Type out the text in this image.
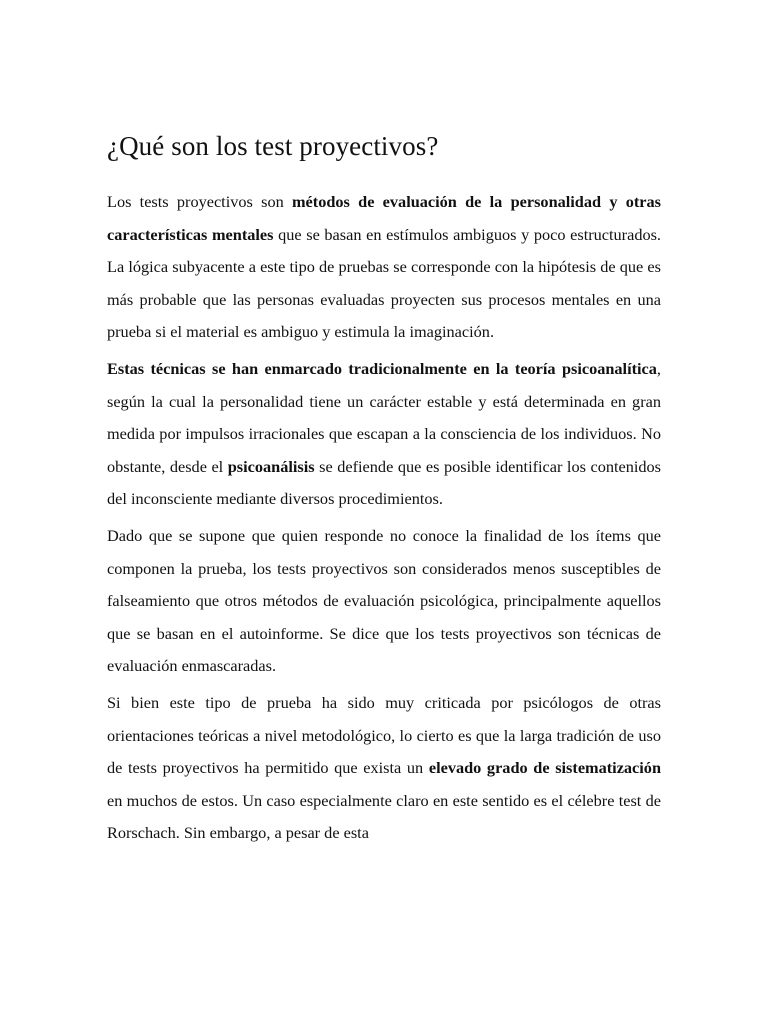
¿Qué son los test proyectivos?

Los tests proyectivos son métodos de evaluación de la personalidad y otras características mentales que se basan en estímulos ambiguos y poco estructurados. La lógica subyacente a este tipo de pruebas se corresponde con la hipótesis de que es más probable que las personas evaluadas proyecten sus procesos mentales en una prueba si el material es ambiguo y estimula la imaginación.

Estas técnicas se han enmarcado tradicionalmente en la teoría psicoanalítica, según la cual la personalidad tiene un carácter estable y está determinada en gran medida por impulsos irracionales que escapan a la consciencia de los individuos. No obstante, desde el psicoanálisis se defiende que es posible identificar los contenidos del inconsciente mediante diversos procedimientos.

Dado que se supone que quien responde no conoce la finalidad de los ítems que componen la prueba, los tests proyectivos son considerados menos susceptibles de falseamiento que otros métodos de evaluación psicológica, principalmente aquellos que se basan en el autoinforme. Se dice que los tests proyectivos son técnicas de evaluación enmascaradas.

Si bien este tipo de prueba ha sido muy criticada por psicólogos de otras orientaciones teóricas a nivel metodológico, lo cierto es que la larga tradición de uso de tests proyectivos ha permitido que exista un elevado grado de sistematización en muchos de estos. Un caso especialmente claro en este sentido es el célebre test de Rorschach. Sin embargo, a pesar de esta
